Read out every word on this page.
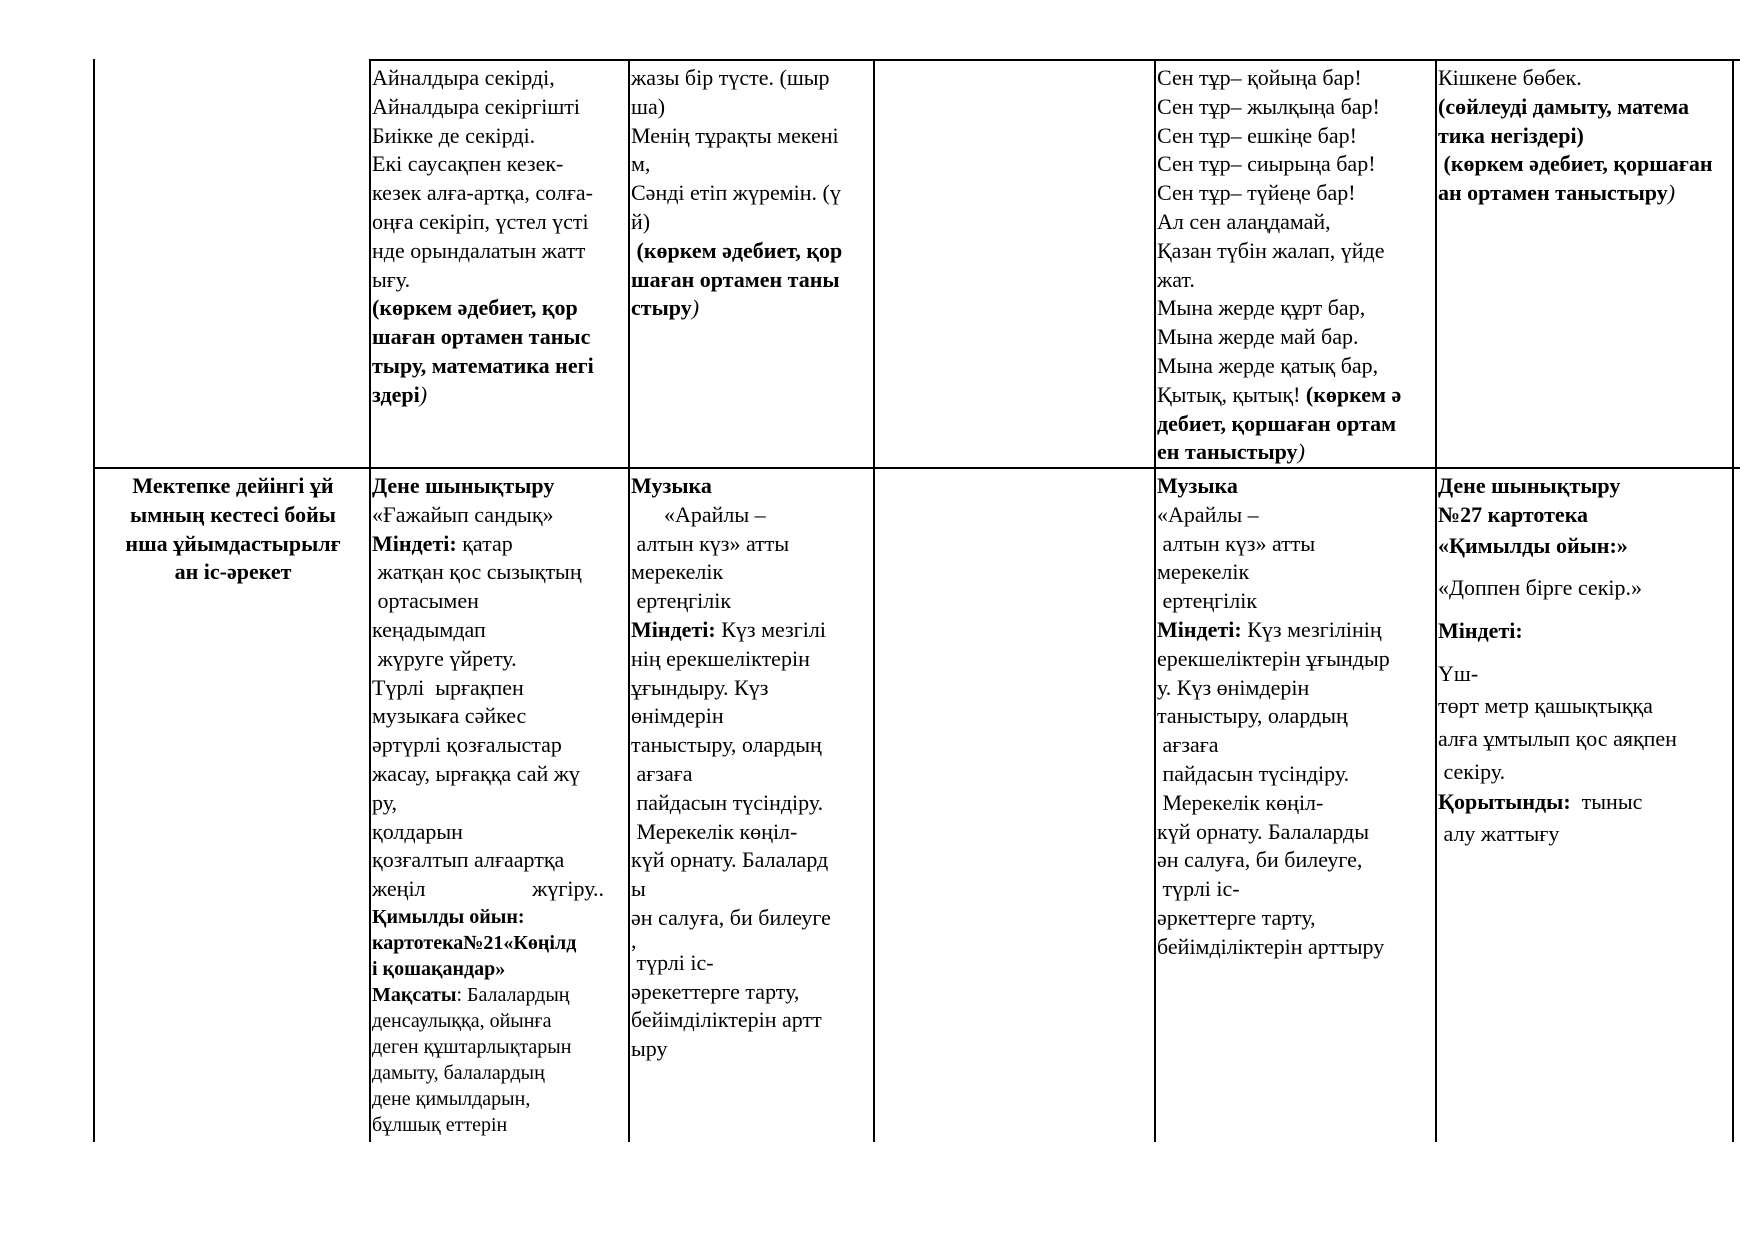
Айналдыра секірді,
Айналдыра секіргішті
Биікке де секірді.
Екі саусақпен кезек-
кезек алға-артқа, солға-
оңға секіріп, үстел үсті
нде орындалатын жатт
ығу.
(көркем әдебиет, қор
шаған ортамен таныс
тыру, математика негі
здері)
жазы бір түсте. (шыр
ша)
Менің тұрақты мекені
м,
Сәнді етіп жүремін. (ү
й)
(көркем әдебиет, қор
шаған ортамен таны
стыру)
Сен тұр– қойыңа бар!
Сен тұр– жылқыңа бар!
Сен тұр– ешкіңе бар!
Сен тұр– сиырыңа бар!
Сен тұр– түйеңе бар!
Ал сен алаңдамай,
Қазан түбін жалап, үйде
жат.
Мына жерде құрт бар,
Мына жерде май бар.
Мына жерде қатық бар,
Қытық, қытық! (көркем ә
дебиет, қоршаған ортам
ен таныстыру)
Кішкене бөбек.
(сөйлеуді дамыту, матема
тика негіздері)
(көркем әдебиет, қоршаған
ан ортамен таныстыру)
Мектепке дейінгі ұй
ымның кестесі бойы
нша ұйымдастырылғ
ан іс-әрекет
Дене шынықтыру
«Ғажайып сандық»
Міндеті: қатар
жатқан қос сызықтың
ортасымен
кеңадымдап
жүруге үйрету.
Түрлі  ырғақпен
музыкаға сәйкес
әртүрлі қозғалыстар
жасау, ырғаққа сай жү
ру,
қолдарын
қозғалтып алғаартқа
жеңіл	жүгіру..
Қимылды ойын:
картотека№21«Көңілд
і қошақандар»
Мақсаты: Балалардың
денсаулыққа, ойынға
деген құштарлықтарын
дамыту, балалардың
дене қимылдарын,
бұлшық еттерін
Музыка
«Арайлы –
алтын күз» атты
мерекелік
ертеңгілік
Міндеті: Күз мезгілі
нің ерекшеліктерін
ұғындыру. Күз
өнімдерін
таныстыру, олардың
ағзаға
пайдасын түсіндіру.
Мерекелік көңіл-
күй орнату. Балалард
ы
ән салуға, би билеуге
,
түрлі іс-
әрекеттерге тарту,
бейімділіктерін артт
ыру
Музыка
«Арайлы –
алтын күз» атты
мерекелік
ертеңгілік
Міндеті: Күз мезгілінің
ерекшеліктерін ұғындыр
у. Күз өнімдерін
таныстыру, олардың
ағзаға
пайдасын түсіндіру.
Мерекелік көңіл-
күй орнату. Балаларды
ән салуға, би билеуге,
түрлі іс-
әркеттерге тарту,
бейімділіктерін арттыру
Дене шынықтыру
№27 картотека
«Қимылды ойын:»
«Доппен бірге секір.»
Міндеті:
Үш-
төрт метр қашықтыққа
алға ұмтылып қос аяқпен
секіру.
Қорытынды:  тыныс
алу жаттығу
